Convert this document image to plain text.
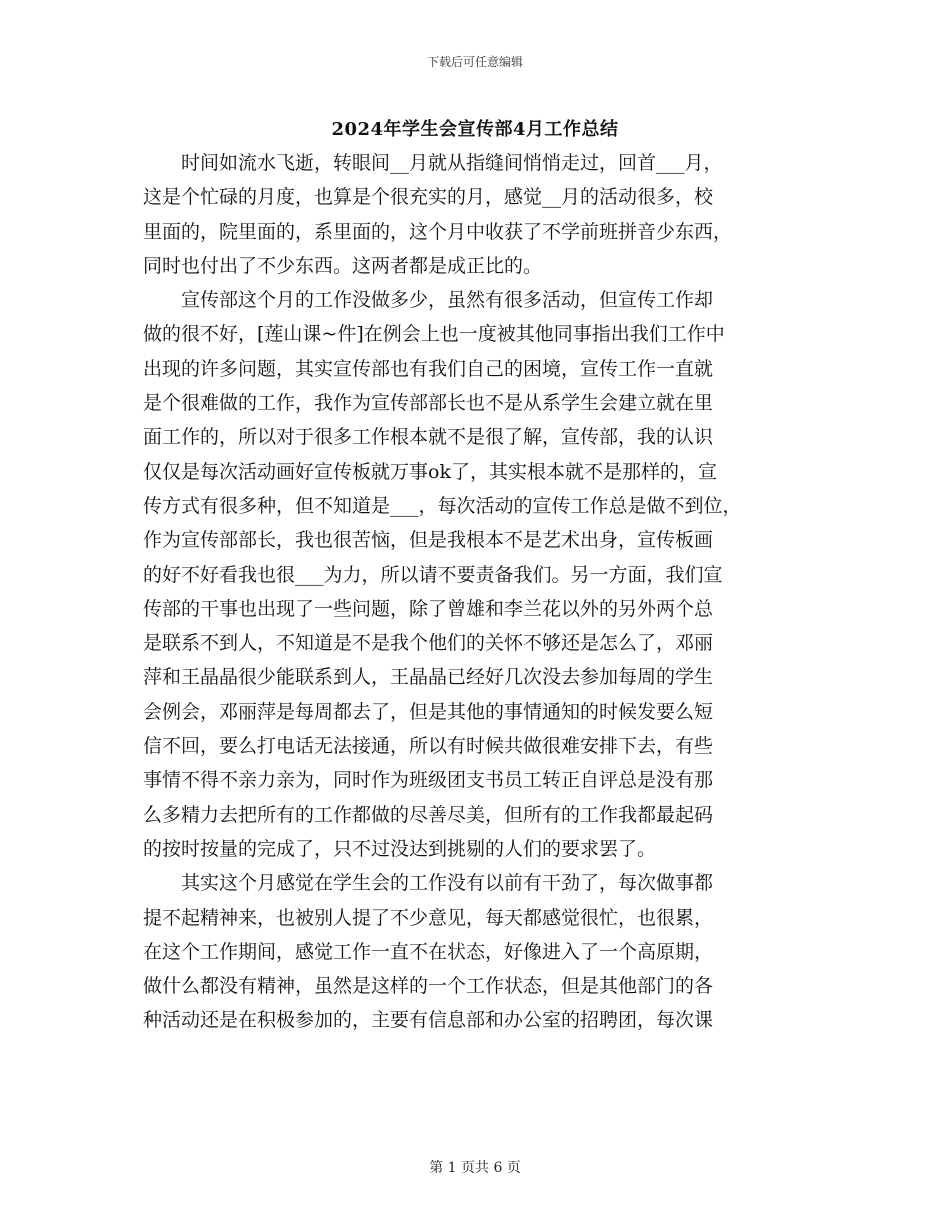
下载后可任意编辑
2024年学生会宣传部4月工作总结
　　时间如流水飞逝，转眼间__月就从指缝间悄悄走过，回首___月，
这是个忙碌的月度，也算是个很充实的月，感觉__月的活动很多，校
里面的，院里面的，系里面的，这个月中收获了不学前班拼音少东西，
同时也付出了不少东西。这两者都是成正比的。
　　宣传部这个月的工作没做多少，虽然有很多活动，但宣传工作却
做的很不好，[莲山课~件]在例会上也一度被其他同事指出我们工作中
出现的许多问题，其实宣传部也有我们自己的困境，宣传工作一直就
是个很难做的工作，我作为宣传部部长也不是从系学生会建立就在里
面工作的，所以对于很多工作根本就不是很了解，宣传部，我的认识
仅仅是每次活动画好宣传板就万事ok了，其实根本就不是那样的，宣
传方式有很多种，但不知道是___，每次活动的宣传工作总是做不到位，
作为宣传部部长，我也很苦恼，但是我根本不是艺术出身，宣传板画
的好不好看我也很___为力，所以请不要责备我们。另一方面，我们宣
传部的干事也出现了一些问题，除了曾雄和李兰花以外的另外两个总
是联系不到人，不知道是不是我个他们的关怀不够还是怎么了，邓丽
萍和王晶晶很少能联系到人，王晶晶已经好几次没去参加每周的学生
会例会，邓丽萍是每周都去了，但是其他的事情通知的时候发要么短
信不回，要么打电话无法接通，所以有时候共做很难安排下去，有些
事情不得不亲力亲为，同时作为班级团支书员工转正自评总是没有那
么多精力去把所有的工作都做的尽善尽美，但所有的工作我都最起码
的按时按量的完成了，只不过没达到挑剔的人们的要求罢了。
　　其实这个月感觉在学生会的工作没有以前有干劲了，每次做事都
提不起精神来，也被别人提了不少意见，每天都感觉很忙，也很累，
在这个工作期间，感觉工作一直不在状态，好像进入了一个高原期，
做什么都没有精神，虽然是这样的一个工作状态，但是其他部门的各
种活动还是在积极参加的，主要有信息部和办公室的招聘团，每次课
第 1 页共 6 页
